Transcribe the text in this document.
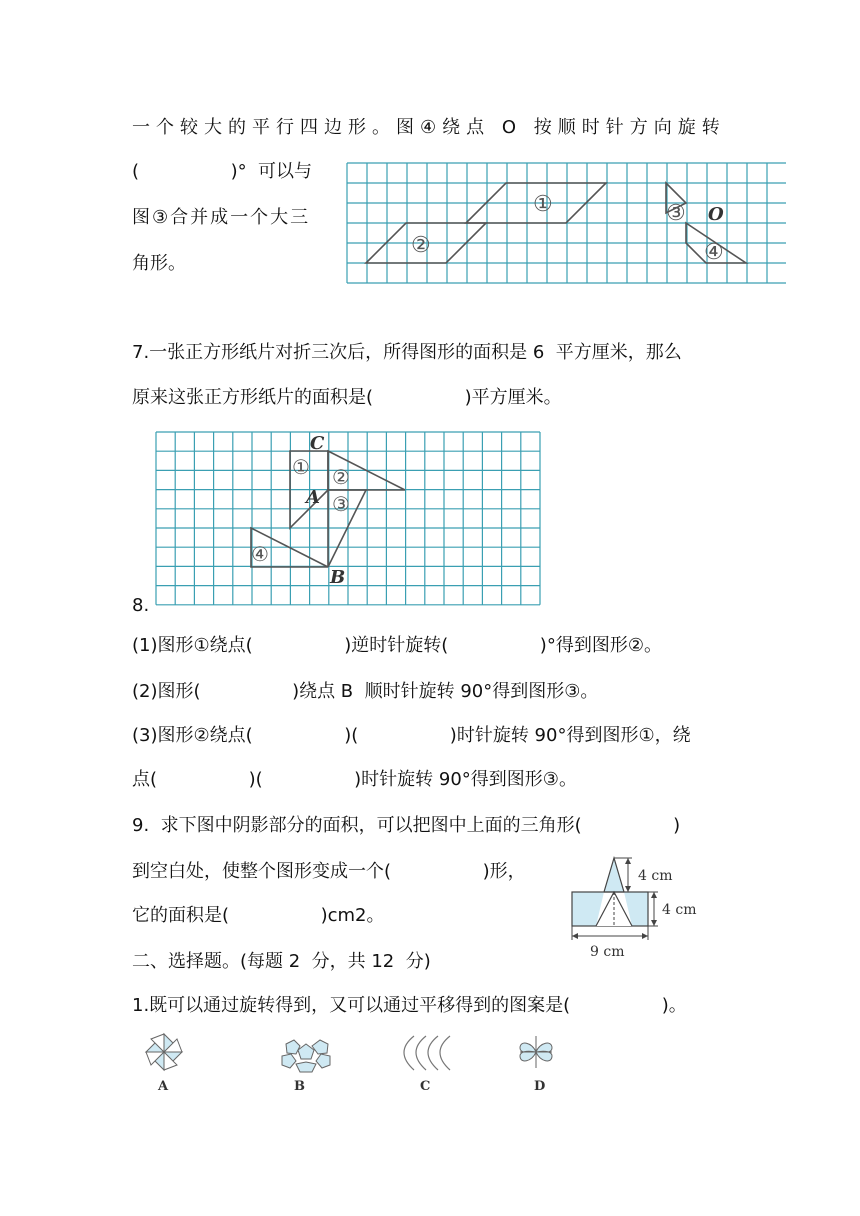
一个较大的平行四边形。图④绕点 O 按顺时针方向旋转
(                )°  可以与
图③合并成一个大三
角形。
①
②
③
④
O
7.一张正方形纸片对折三次后，所得图形的面积是 6  平方厘米，那么
原来这张正方形纸片的面积是(                )平方厘米。
C
A
B
① ②
③
④
8.
(1)图形①绕点(                )逆时针旋转(                )°得到图形②。
(2)图形(                )绕点 B  顺时针旋转 90°得到图形③。
(3)图形②绕点(                )(                )时针旋转 90°得到图形①，绕
点(                )(                )时针旋转 90°得到图形③。
9.  求下图中阴影部分的面积，可以把图中上面的三角形(                )
到空白处，使整个图形变成一个(                )形，
它的面积是(                )cm2。
4 cm
4 cm
9 cm
二、选择题。(每题 2  分，共 12  分)
1.既可以通过旋转得到，又可以通过平移得到的图案是(                )。
A	B	C	D
